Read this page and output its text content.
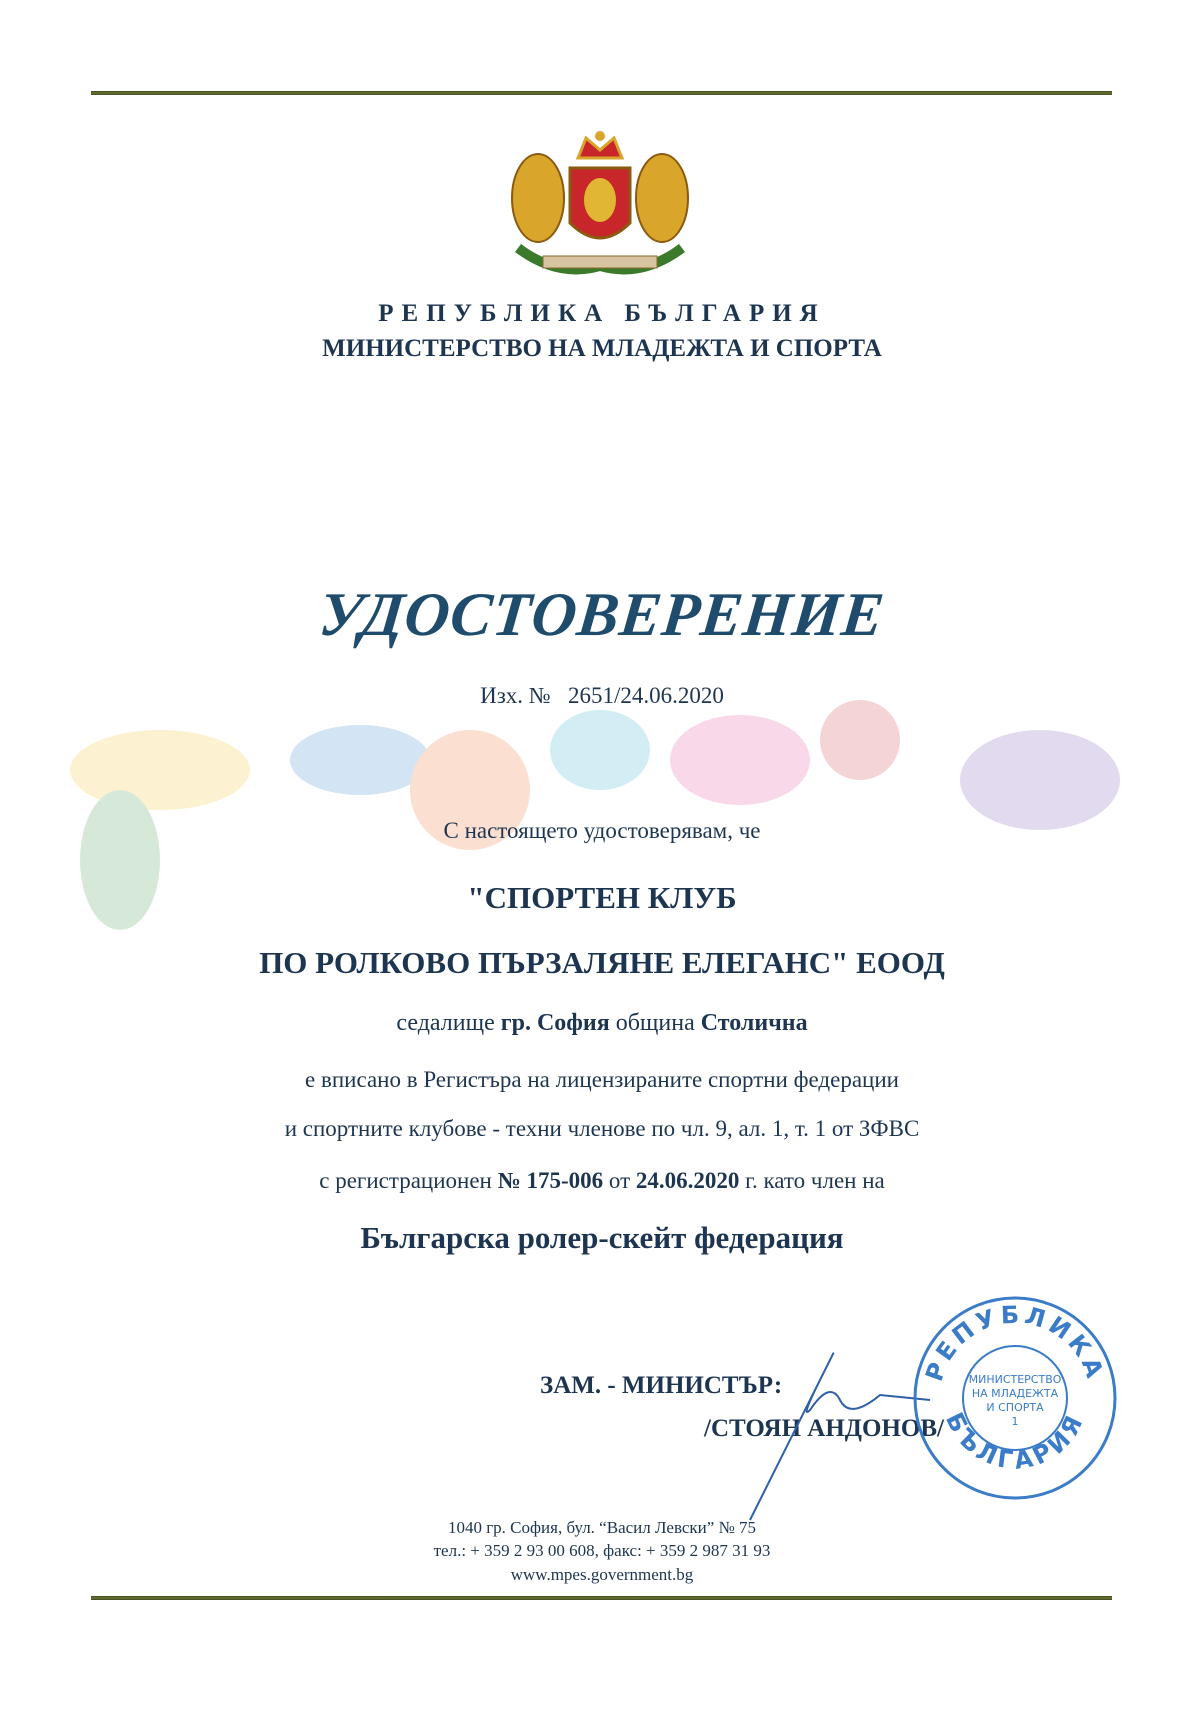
РЕПУБЛИКА БЪЛГАРИЯ
МИНИСТЕРСТВО НА МЛАДЕЖТА И СПОРТА
УДОСТОВЕРЕНИЕ
Изх. № 2651/24.06.2020
С настоящето удостоверявам, че
"СПОРТЕН КЛУБ
ПО РОЛКОВО ПЪРЗАЛЯНЕ ЕЛЕГАНС" ЕООД
седалище гр. София община Столична
е вписано в Регистъра на лицензираните спортни федерации
и спортните клубове - техни членове по чл. 9, ал. 1, т. 1 от ЗФВС
с регистрационен № 175-006 от 24.06.2020 г. като член на
Българска ролер-скейт федерация
ЗАМ. - МИНИСТЪР:
/СТОЯН АНДОНОВ/
РЕПУБЛИКА
БЪЛГАРИЯ
МИНИСТЕРСТВО
НА МЛАДЕЖТА
И СПОРТА
1
1040 гр. София, бул. “Васил Левски” № 75
тел.: + 359 2 93 00 608, факс: + 359 2 987 31 93
www.mpes.government.bg
